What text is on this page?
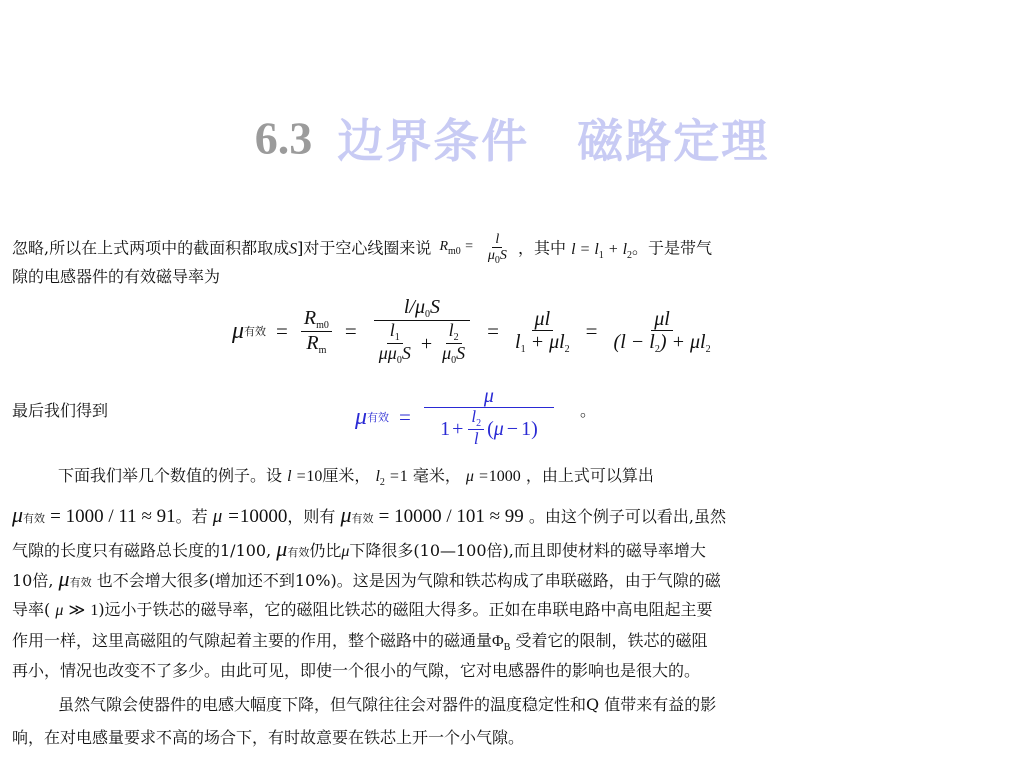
6.3 边界条件　磁路定理
忽略,所以在上式两项中的截面积都取成S]对于空心线圈来说 $R_{m0}$ =
$\frac{l}{\mu_0S}$ ，其中 $l = l_1 + l_2$。于是带气
隙的电感器件的有效磁导率为
μ 有效 = $\frac{R_{m0}}{R_m} = \frac{l/\mu_0S}{\frac{l_1}{\mu\mu_0S} + \frac{l_2}{\mu_0S}} = \frac{\mu l}{l_1 + \mu l_2} = \frac{\mu l}{(l - l_2) + \mu l_2}$
最后我们得到	μ 有效 = $\frac{\mu}{1 + \frac{l_2}{l} ( \mu - 1 )}$ 。
下面我们举几个数值的例子。设 l =10厘米， $l_2 =1$ 毫米， μ =1000 ，由上式可以算出
μ有效 = 1000 / 11 ≈ 91。若 μ =10000，则有 μ有效 = 10000 / 101 ≈ 99 。由这个例子可以看出,虽然
气隙的长度只有磁路总长度的1/100, μ有效仍比μ下降很多(10—100倍),而且即使材料的磁导率增大
10倍, μ有效 也不会增大很多(增加还不到10%)。这是因为气隙和铁芯构成了串联磁路，由于气隙的磁
导率( μ ≫ 1)远小于铁芯的磁导率，它的磁阻比铁芯的磁阻大得多。正如在串联电路中高电阻起主要
作用一样，这里高磁阻的气隙起着主要的作用，整个磁路中的磁通量$\Phi_B$ 受着它的限制，铁芯的磁阻
再小，情况也改变不了多少。由此可见，即使一个很小的气隙，它对电感器件的影响也是很大的。
虽然气隙会使器件的电感大幅度下降，但气隙往往会对器件的温度稳定性和Q 值带来有益的影
响，在对电感量要求不高的场合下，有时故意要在铁芯上开一个小气隙。
